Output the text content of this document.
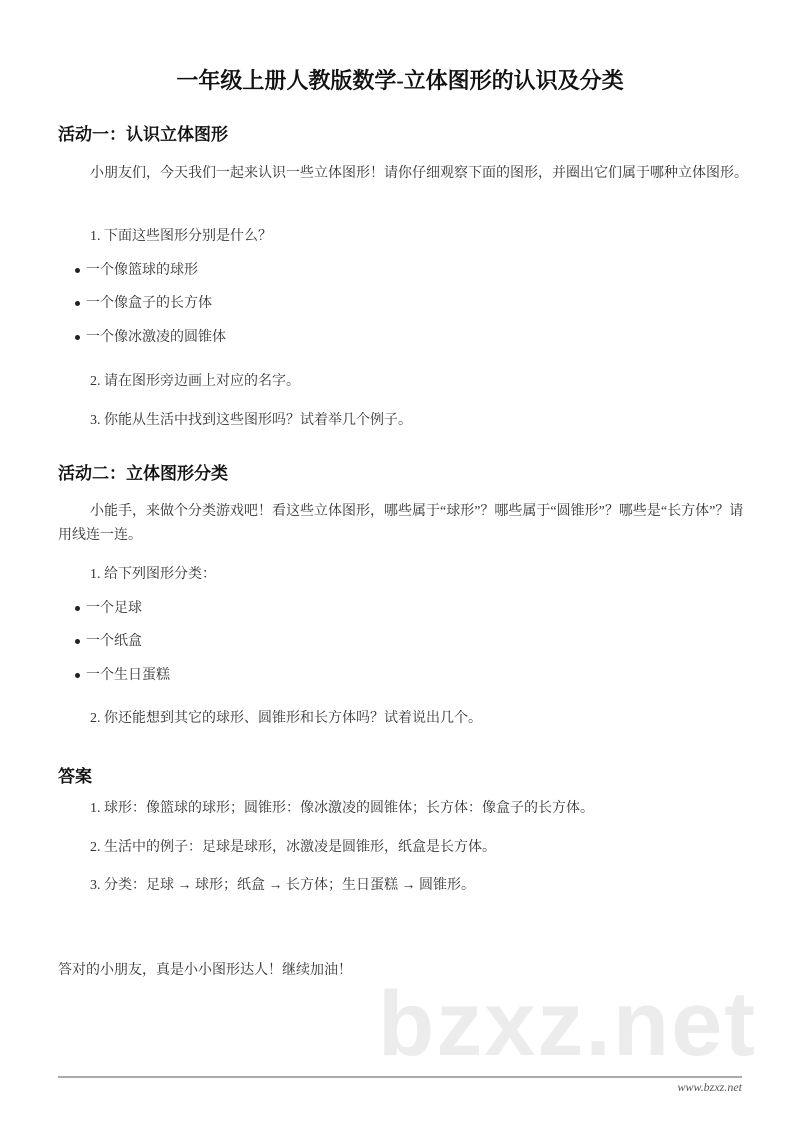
一年级上册人教版数学-立体图形的认识及分类
活动一：认识立体图形
小朋友们，今天我们一起来认识一些立体图形！请你仔细观察下面的图形，并圈出它们属于哪种立体图形。
1. 下面这些图形分别是什么？
一个像篮球的球形
一个像盒子的长方体
一个像冰激凌的圆锥体
2. 请在图形旁边画上对应的名字。
3. 你能从生活中找到这些图形吗？试着举几个例子。
活动二：立体图形分类
小能手，来做个分类游戏吧！看这些立体图形，哪些属于“球形”？哪些属于“圆锥形”？哪些是“长方体”？请用线连一连。
1. 给下列图形分类：
一个足球
一个纸盒
一个生日蛋糕
2. 你还能想到其它的球形、圆锥形和长方体吗？试着说出几个。
答案
1. 球形：像篮球的球形；圆锥形：像冰激凌的圆锥体；长方体：像盒子的长方体。
2. 生活中的例子：足球是球形，冰激凌是圆锥形，纸盒是长方体。
3. 分类：足球 → 球形；纸盒 → 长方体；生日蛋糕 → 圆锥形。
答对的小朋友，真是小小图形达人！继续加油！
bzxz.net
www.bzxz.net
